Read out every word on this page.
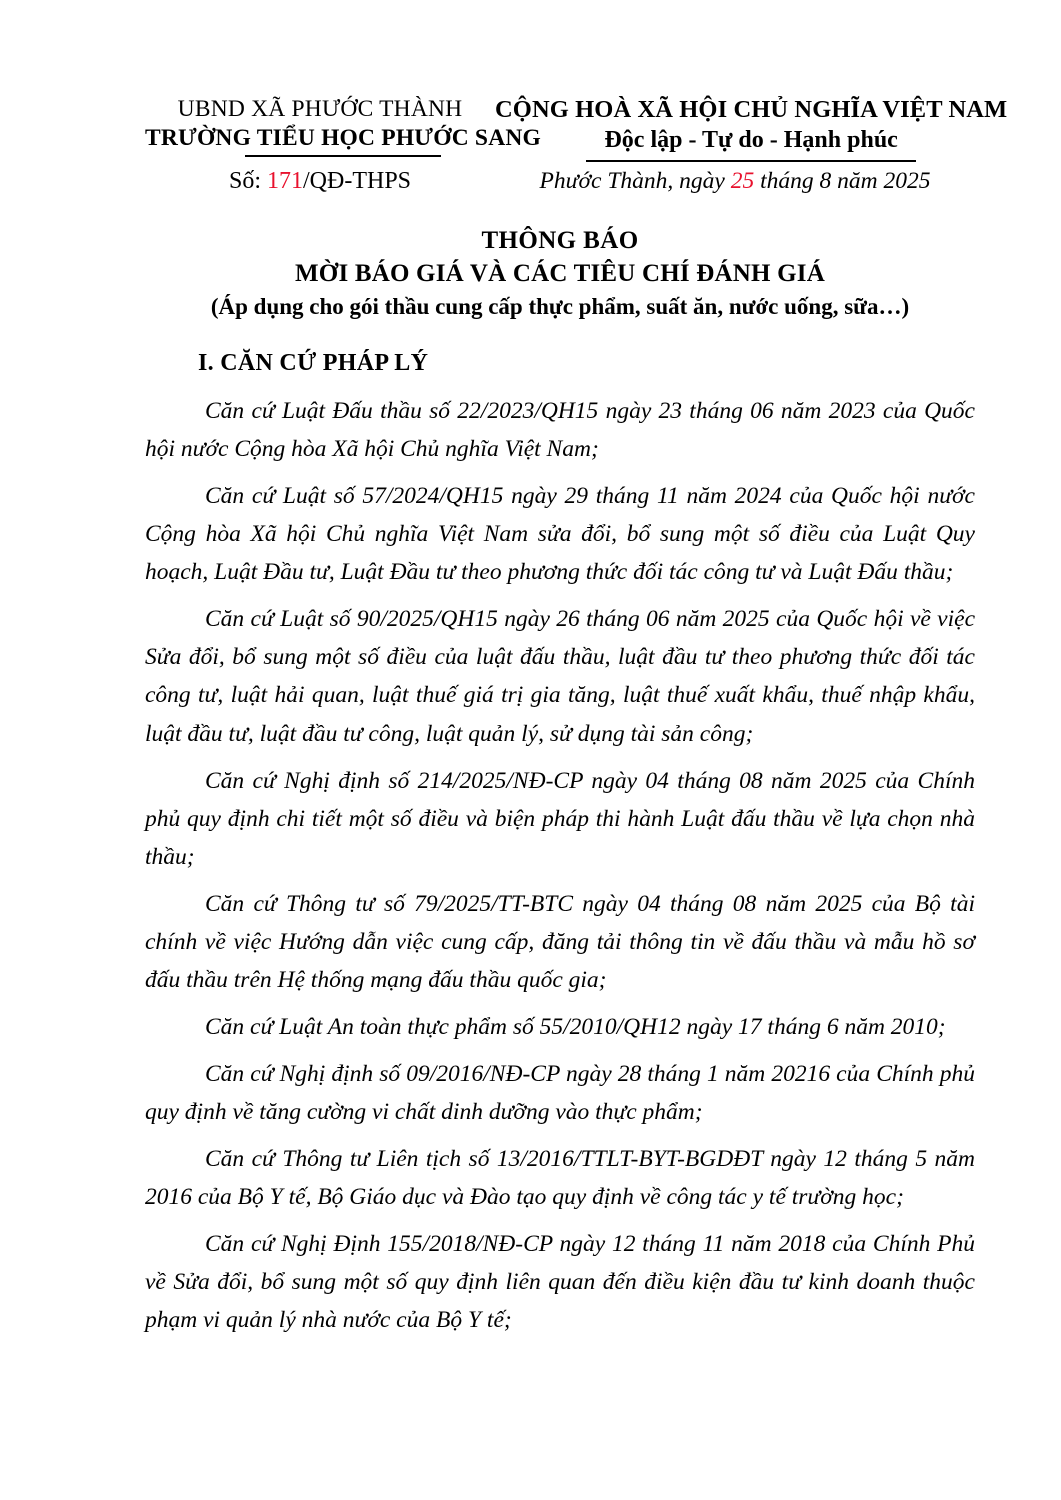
UBND XÃ PHƯỚC THÀNH
TRƯỜNG TIỂU HỌC PHƯỚC SANG
CỘNG HOÀ XÃ HỘI CHỦ NGHĨA VIỆT NAM
Độc lập - Tự do - Hạnh phúc
Số: 171/QĐ-THPS	Phước Thành, ngày 25 tháng 8 năm 2025
THÔNG BÁO
MỜI BÁO GIÁ VÀ CÁC TIÊU CHÍ ĐÁNH GIÁ
(Áp dụng cho gói thầu cung cấp thực phẩm, suất ăn, nước uống, sữa…)
I. CĂN CỨ PHÁP LÝ

Căn cứ Luật Đấu thầu số 22/2023/QH15 ngày 23 tháng 06 năm 2023 của Quốc hội nước Cộng hòa Xã hội Chủ nghĩa Việt Nam;

Căn cứ Luật số 57/2024/QH15 ngày 29 tháng 11 năm 2024 của Quốc hội nước Cộng hòa Xã hội Chủ nghĩa Việt Nam sửa đổi, bổ sung một số điều của Luật Quy hoạch, Luật Đầu tư, Luật Đầu tư theo phương thức đối tác công tư và Luật Đấu thầu;

Căn cứ Luật số 90/2025/QH15 ngày 26 tháng 06 năm 2025 của Quốc hội về việc Sửa đổi, bổ sung một số điều của luật đấu thầu, luật đầu tư theo phương thức đối tác công tư, luật hải quan, luật thuế giá trị gia tăng, luật thuế xuất khẩu, thuế nhập khẩu, luật đầu tư, luật đầu tư công, luật quản lý, sử dụng tài sản công;

Căn cứ Nghị định số 214/2025/NĐ-CP ngày 04 tháng 08 năm 2025 của Chính phủ quy định chi tiết một số điều và biện pháp thi hành Luật đấu thầu về lựa chọn nhà thầu;

Căn cứ Thông tư số 79/2025/TT-BTC ngày 04 tháng 08 năm 2025 của Bộ tài chính về việc Hướng dẫn việc cung cấp, đăng tải thông tin về đấu thầu và mẫu hồ sơ đấu thầu trên Hệ thống mạng đấu thầu quốc gia;

Căn cứ Luật An toàn thực phẩm số 55/2010/QH12 ngày 17 tháng 6 năm 2010;

Căn cứ Nghị định số 09/2016/NĐ-CP ngày 28 tháng 1 năm 20216 của Chính phủ quy định về tăng cường vi chất dinh dưỡng vào thực phẩm;

Căn cứ Thông tư Liên tịch số 13/2016/TTLT-BYT-BGDĐT ngày 12 tháng 5 năm 2016 của Bộ Y tế, Bộ Giáo dục và Đào tạo quy định về công tác y tế trường học;

Căn cứ Nghị Định 155/2018/NĐ-CP ngày 12 tháng 11 năm 2018 của Chính Phủ về Sửa đổi, bổ sung một số quy định liên quan đến điều kiện đầu tư kinh doanh thuộc phạm vi quản lý nhà nước của Bộ Y tế;
